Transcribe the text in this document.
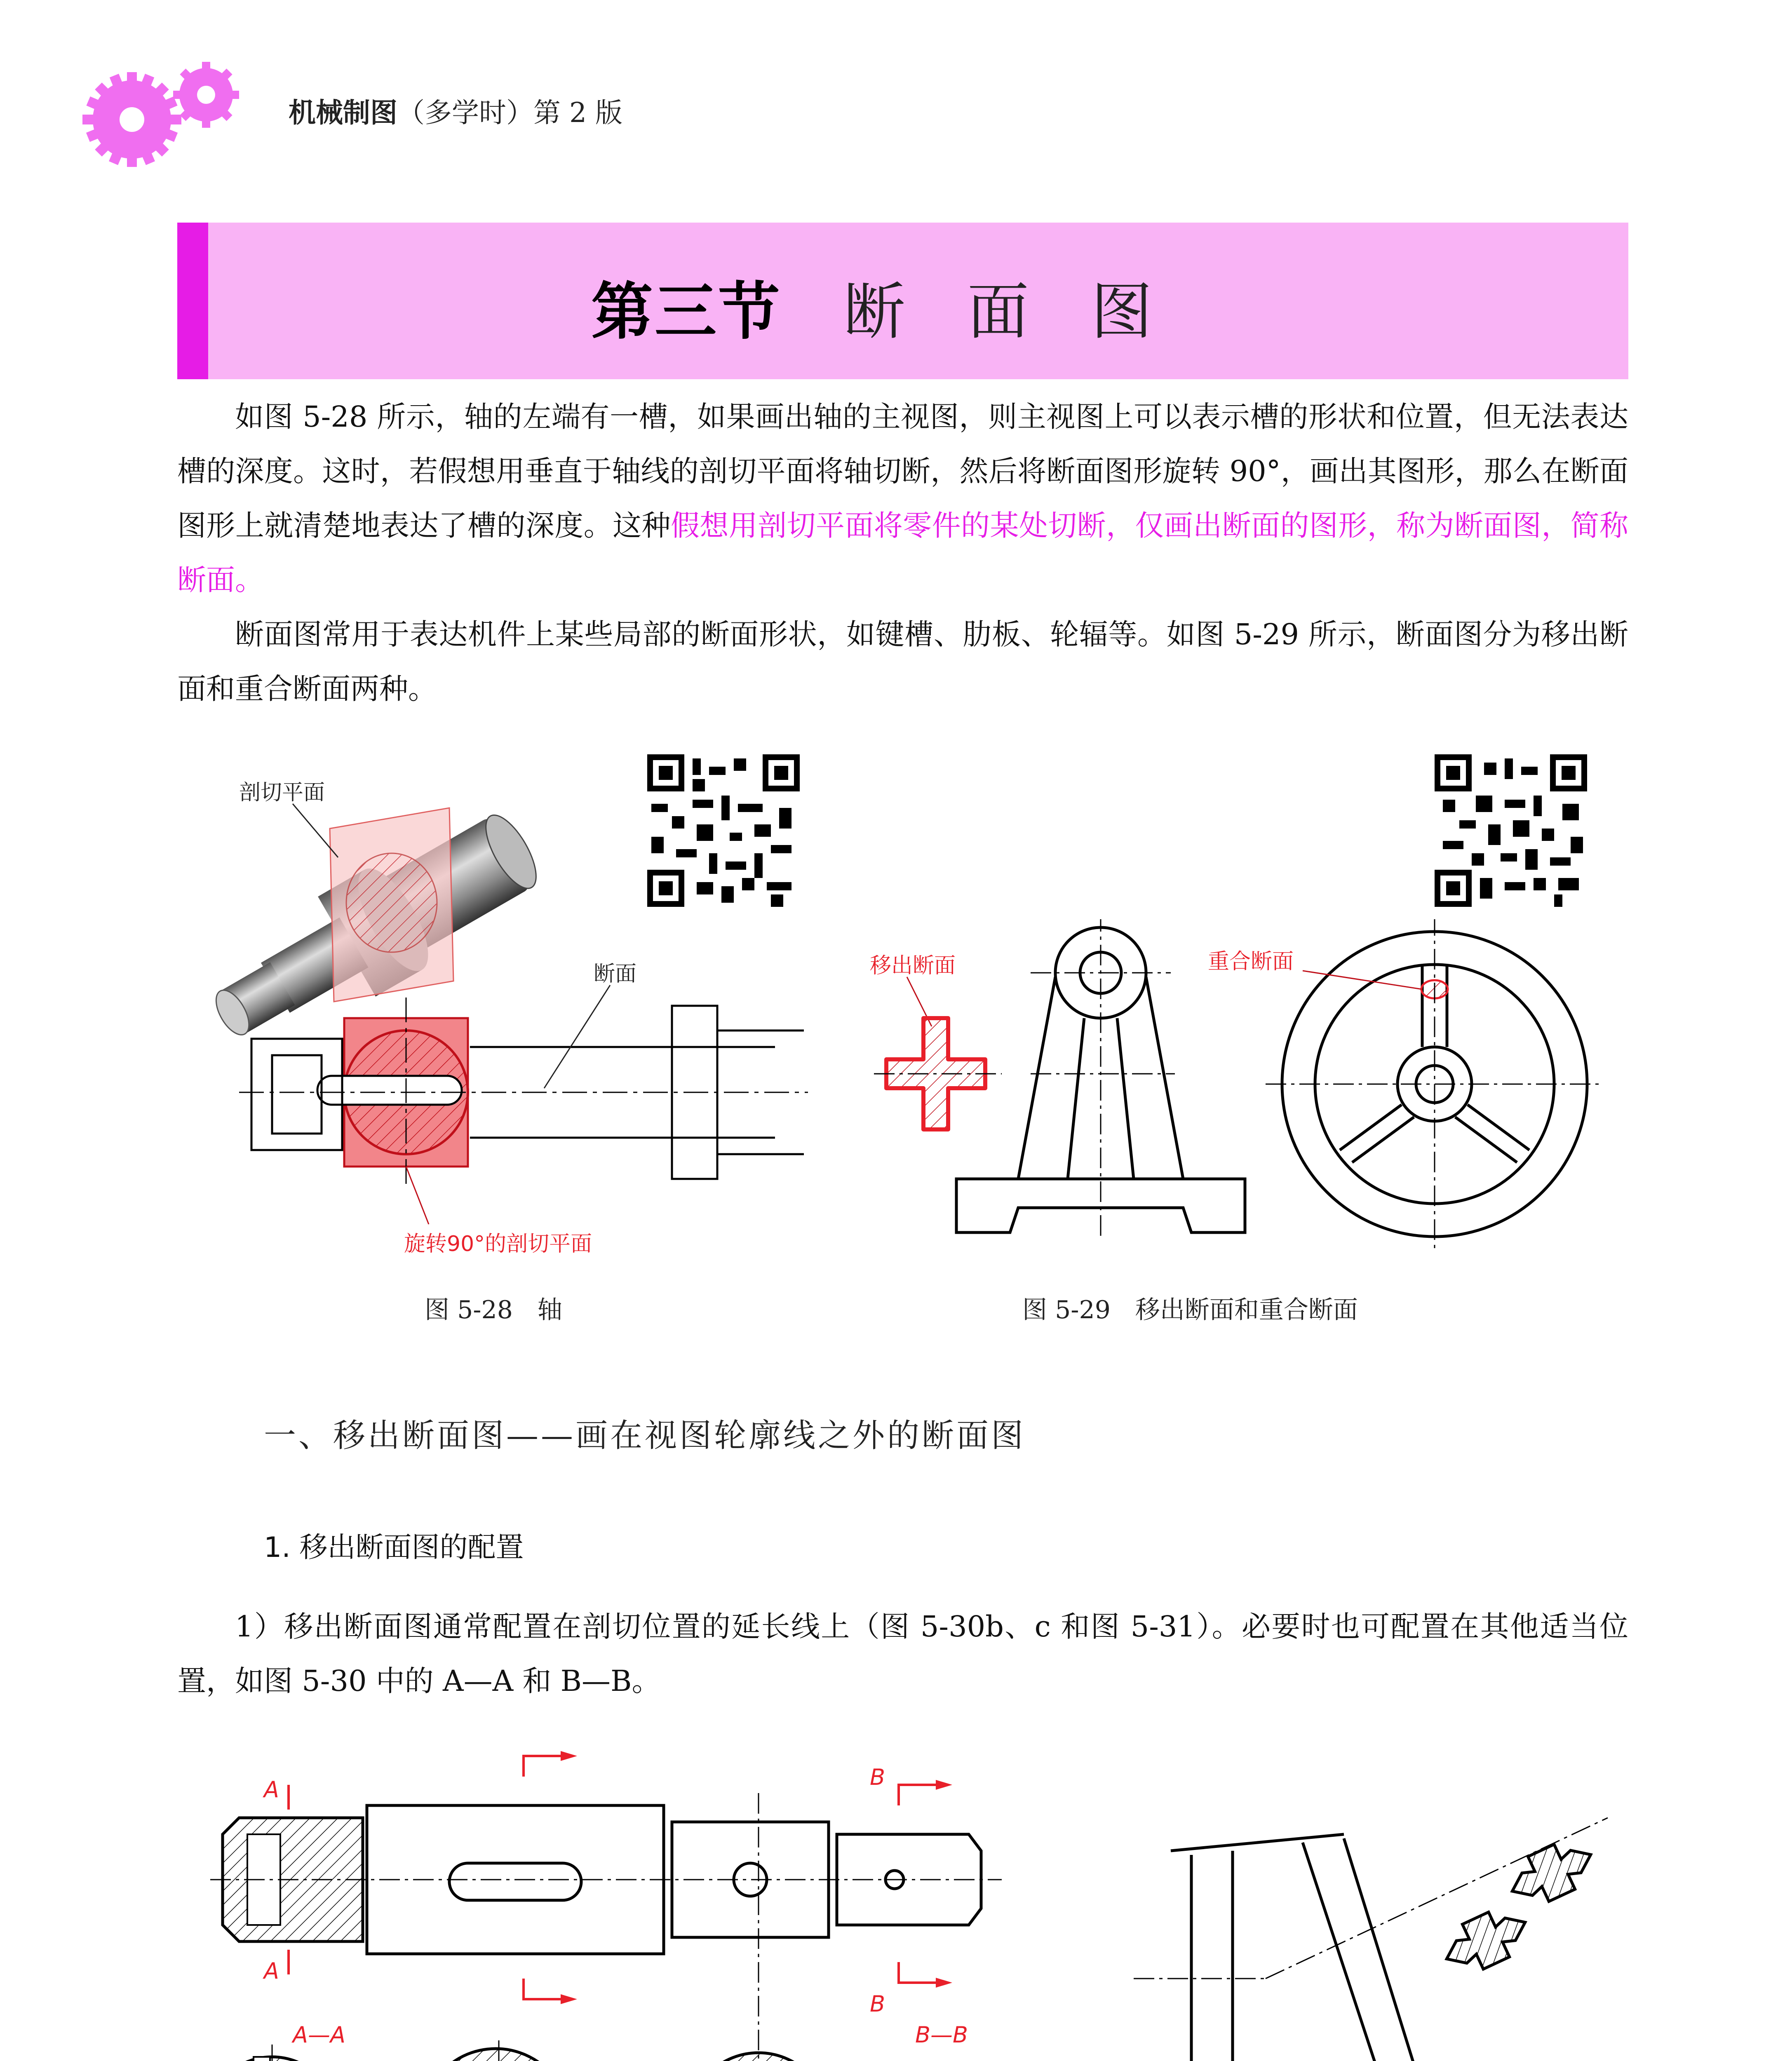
机械制图（多学时）第 2 版
第三节 断面图

如图 5-28 所示，轴的左端有一槽，如果画出轴的主视图，则主视图上可以表示槽的形状和位置，但无法表达槽的深度。这时，若假想用垂直于轴线的剖切平面将轴切断，然后将断面图形旋转 90°，画出其图形，那么在断面图形上就清楚地表达了槽的深度。这种假想用剖切平面将零件的某处切断，仅画出断面的图形，称为断面图，简称断面。

断面图常用于表达机件上某些局部的断面形状，如键槽、肋板、轮辐等。如图 5-29 所示，断面图分为移出断面和重合断面两种。

剖切平面
断面
旋转90°的剖切平面
图 5-28　轴
移出断面	重合断面
图 5-29　移出断面和重合断面
一、移出断面图——画在视图轮廓线之外的断面图
1. 移出断面图的配置

1）移出断面图通常配置在剖切位置的延长线上（图 5-30b、c 和图 5-31）。必要时也可配置在其他适当位置，如图 5-30 中的 A—A 和 B—B。

A
A
B
B
A—A	B—B
